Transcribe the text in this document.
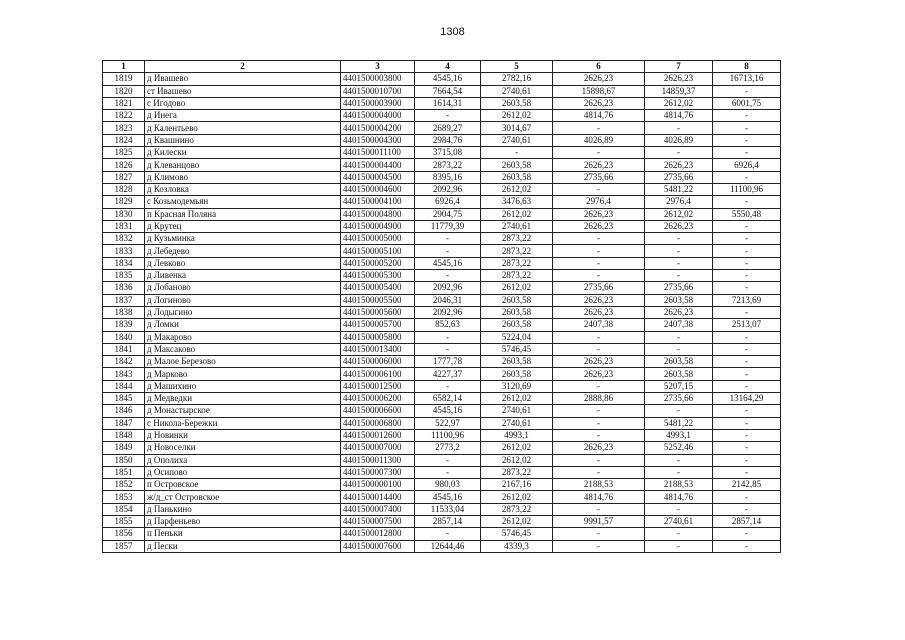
1308
1	2	3	4	5	6	7	8
1819	д Ивашево	4401500003800	4545,16	2782,16	2626,23	2626,23	16713,16
1820	ст Ивашево	4401500010700	7664,54	2740,61	15898,67	14859,37	-
1821	с Игодово	4401500003900	1614,31	2603,58	2626,23	2612,02	6001,75
1822	д Инега	4401500004000	-	2612,02	4814,76	4814,76	-
1823	д Калентьево	4401500004200	2689,27	3014,67	-	-	-
1824	д Квашнино	4401500004300	2984,76	2740,61	4026,89	4026,89	-
1825	д Килески	4401500011100	3715,08	-	-	-	-
1826	д Клеванцово	4401500004400	2873,22	2603,58	2626,23	2626,23	6926,4
1827	д Климово	4401500004500	8395,16	2603,58	2735,66	2735,66	-
1828	д Козловка	4401500004600	2092,96	2612,02	-	5481,22	11100,96
1829	с Козьмодемьян	4401500004100	6926,4	3476,63	2976,4	2976,4	-
1830	п Красная Поляна	4401500004800	2904,75	2612,02	2626,23	2612,02	5550,48
1831	д Крутец	4401500004900	11779,39	2740,61	2626,23	2626,23	-
1832	д Кузьминка	4401500005000	-	2873,22	-	-	-
1833	д Лебедево	4401500005100	-	2873,22	-	-	-
1834	д Левково	4401500005200	4545,16	2873,22	-	-	-
1835	д Ливенка	4401500005300	-	2873,22	-	-	-
1836	д Лобаново	4401500005400	2092,96	2612,02	2735,66	2735,66	-
1837	д Логиново	4401500005500	2046,31	2603,58	2626,23	2603,58	7213,69
1838	д Лодыгино	4401500005600	2092,96	2603,58	2626,23	2626,23	-
1839	д Ломки	4401500005700	852,63	2603,58	2407,38	2407,38	2513,07
1840	д Макарово	4401500005800	-	5224,04	-	-	-
1841	д Максаково	4401500013400	-	5746,45	-	-	-
1842	д Малое Березово	4401500006000	1777,78	2603,58	2626,23	2603,58	-
1843	д Марково	4401500006100	4227,37	2603,58	2626,23	2603,58	-
1844	д Машихино	4401500012500	-	3120,69	-	5207,15	-
1845	д Медведки	4401500006200	6582,14	2612,02	2888,86	2735,66	13164,29
1846	д Монастырское	4401500006600	4545,16	2740,61	-	-	-
1847	с Никола-Бережки	4401500006800	522,97	2740,61	-	5481,22	-
1848	д Новинки	4401500012600	11100,96	4993,1	-	4993,1	-
1849	д Новоселки	4401500007000	2773,2	2612,02	2626,23	5252,46	-
1850	д Ополиха	4401500011300	-	2612,02	-	-	-
1851	д Осипово	4401500007300	-	2873,22	-	-	-
1852	п Островское	4401500000100	980,03	2167,16	2188,53	2188,53	2142,85
1853	ж/д_ст Островское	4401500014400	4545,16	2612,02	4814,76	4814,76	-
1854	д Панькино	4401500007400	11533,04	2873,22	-	-	-
1855	д Парфеньево	4401500007500	2857,14	2612,02	9991,57	2740,61	2857,14
1856	п Пеньки	4401500012800	-	5746,45	-	-	-
1857	д Пески	4401500007600	12644,46	4339,3	-	-	-
